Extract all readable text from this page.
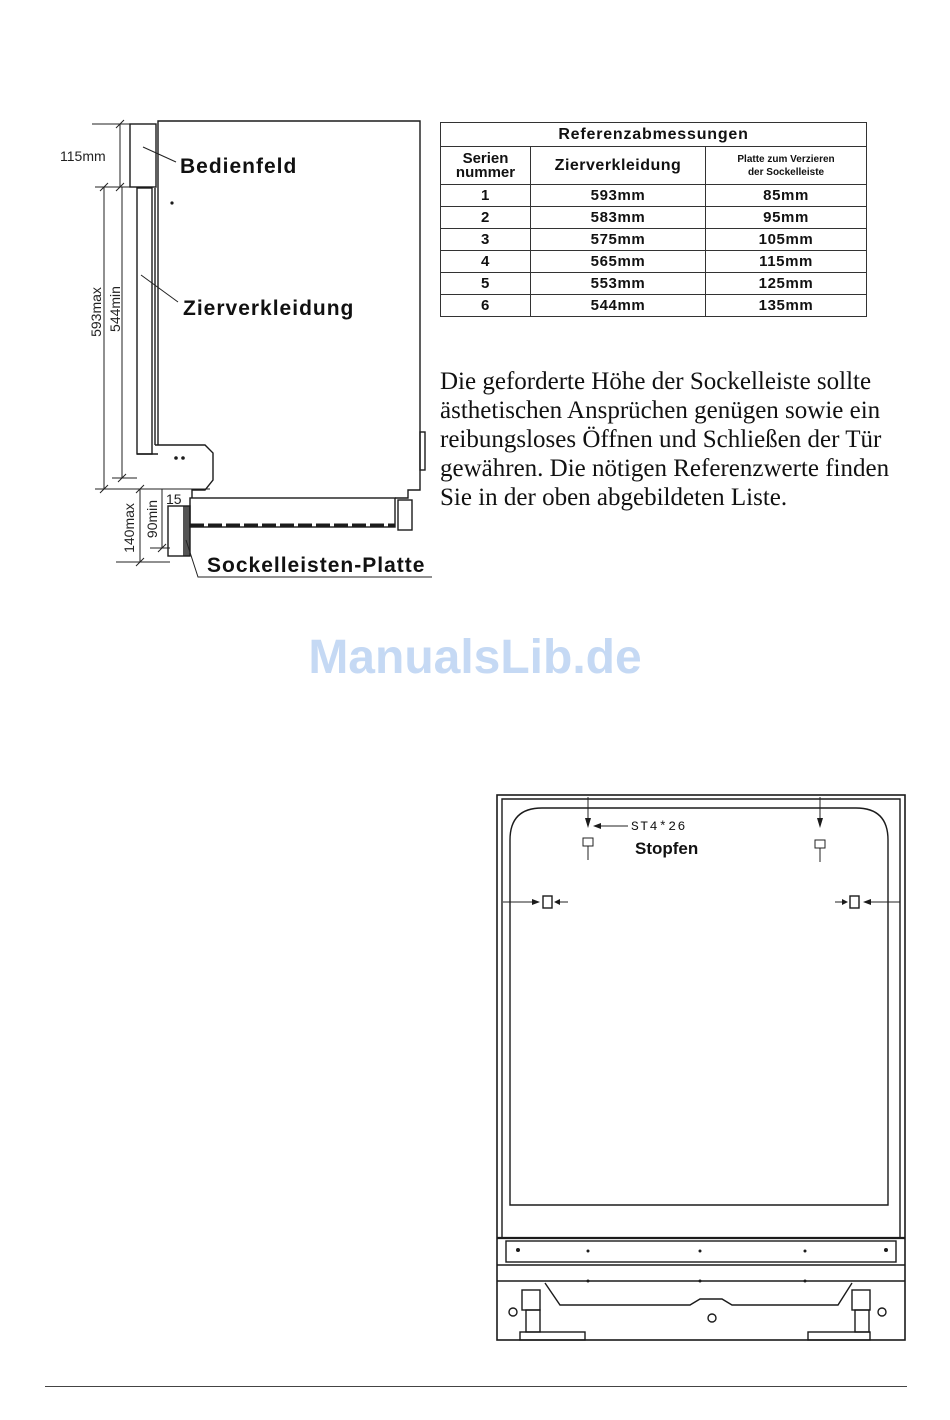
115mm	Bedienfeld
593max 544min	Zierverkleidung
140max 90min
15
Sockelleisten-Platte
Referenzabmessungen		
Serien
nummer	Zierverkleidung	Platte zum Verzieren
der Sockelleiste
1	593mm	85mm
2	583mm	95mm
3	575mm	105mm
4	565mm	115mm
5	553mm	125mm
6	544mm	135mm
Die geforderte Höhe der Sockelleiste sollte
ästhetischen Ansprüchen genügen sowie ein
reibungsloses Öffnen und Schließen der Tür
gewähren. Die nötigen Referenzwerte finden
Sie in der oben abgebildeten Liste.
ManualsLib.de
ST4*26
Stopfen
